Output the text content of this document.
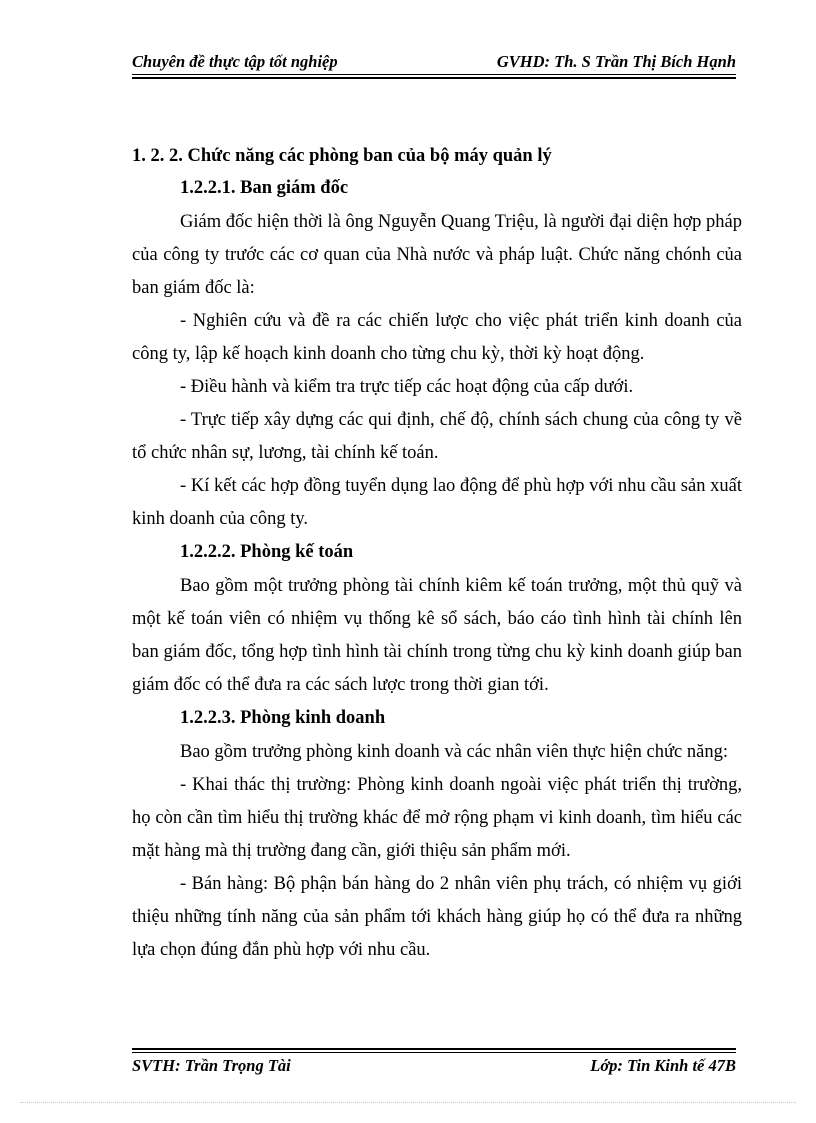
Chuyên đề thực tập tốt nghiệp	GVHD: Th. S Trần Thị Bích Hạnh

1. 2. 2. Chức năng các phòng ban của bộ máy quản lý

1.2.2.1. Ban giám đốc

Giám đốc hiện thời là ông Nguyễn Quang Triệu, là người đại diện hợp pháp của công ty trước các cơ quan của Nhà nước và pháp luật. Chức năng chónh của ban giám đốc là:

- Nghiên cứu và đề ra các chiến lược cho việc phát triển kinh doanh của công ty, lập kế hoạch kinh doanh cho từng chu kỳ, thời kỳ hoạt động.

- Điều hành và kiểm tra trực tiếp các hoạt động của cấp dưới.

- Trực tiếp xây dựng các qui định, chế độ, chính sách chung của công ty về tổ chức nhân sự, lương, tài chính kế toán.

- Kí kết các hợp đồng tuyển dụng lao động để phù hợp với nhu cầu sản xuất kinh doanh của công ty.

1.2.2.2. Phòng kế toán

Bao gồm một trưởng phòng tài chính kiêm kế toán trưởng, một thủ quỹ và một kế toán viên có nhiệm vụ thống kê sổ sách, báo cáo tình hình tài chính lên ban giám đốc, tổng hợp tình hình tài chính trong từng chu kỳ kinh doanh giúp ban giám đốc có thể đưa ra các sách lược trong thời gian tới.

1.2.2.3. Phòng kinh doanh

Bao gồm trưởng phòng kinh doanh và các nhân viên thực hiện chức năng:

- Khai thác thị trường: Phòng kinh doanh ngoài việc phát triển thị trường, họ còn cần tìm hiểu thị trường khác để mở rộng phạm vi kinh doanh, tìm hiểu các mặt hàng mà thị trường đang cần, giới thiệu sản phẩm mới.

- Bán hàng: Bộ phận bán hàng do 2 nhân viên phụ trách, có nhiệm vụ giới thiệu những tính năng của sản phẩm tới khách hàng giúp họ có thể đưa ra những lựa chọn đúng đắn phù hợp với nhu cầu.

SVTH: Trần Trọng Tài	Lớp: Tin Kinh tế 47B
